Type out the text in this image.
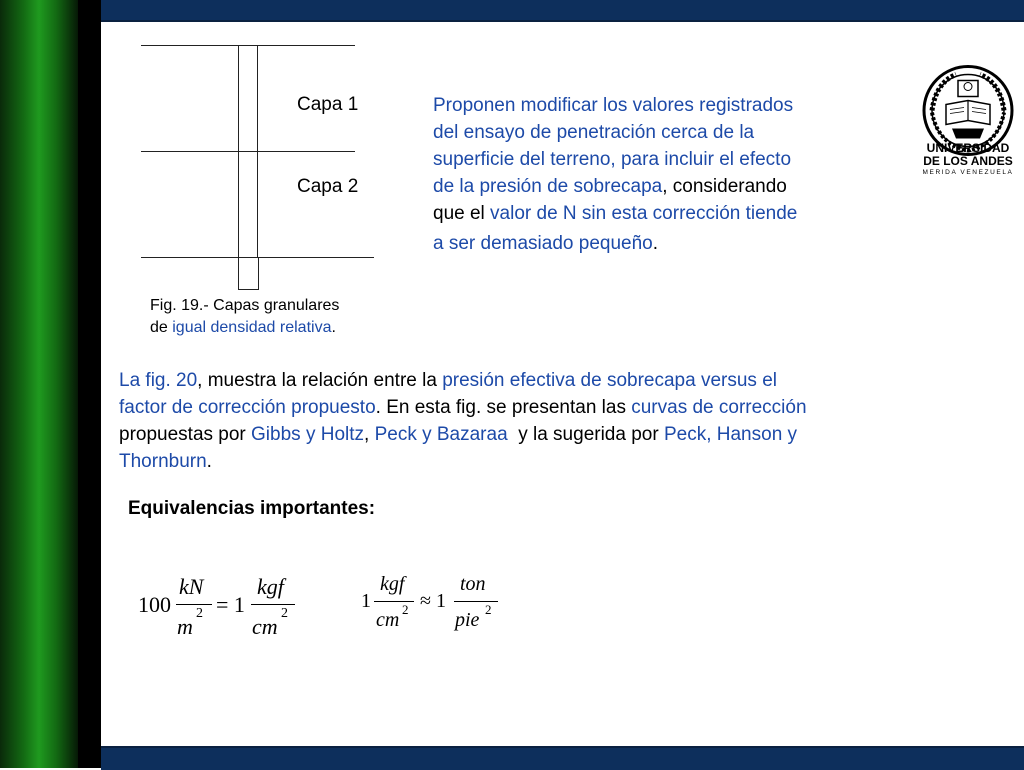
Capa 1
Capa 2
Fig. 19.- Capas granulares
de igual densidad relativa.
Proponen modificar los valores registrados
del ensayo de penetración cerca de la
superficie del terreno, para incluir el efecto
de la presión de sobrecapa, considerando
que el valor de N sin esta corrección tiende
a ser demasiado pequeño.
UNIVERSIDAD
DE LOS ANDES
MERIDA VENEZUELA
La fig. 20, muestra la relación entre la presión efectiva de sobrecapa versus el
factor de corrección propuesto. En esta fig. se presentan las curvas de corrección
propuestas por Gibbs y Holtz, Peck y Bazaraa  y la sugerida por Peck, Hanson y
Thornburn.
Equivalencias importantes:
100
kN
m
2 = 1
kgf
cm
2
1
kgf
cm 2 ≈ 1
ton
pie 2
